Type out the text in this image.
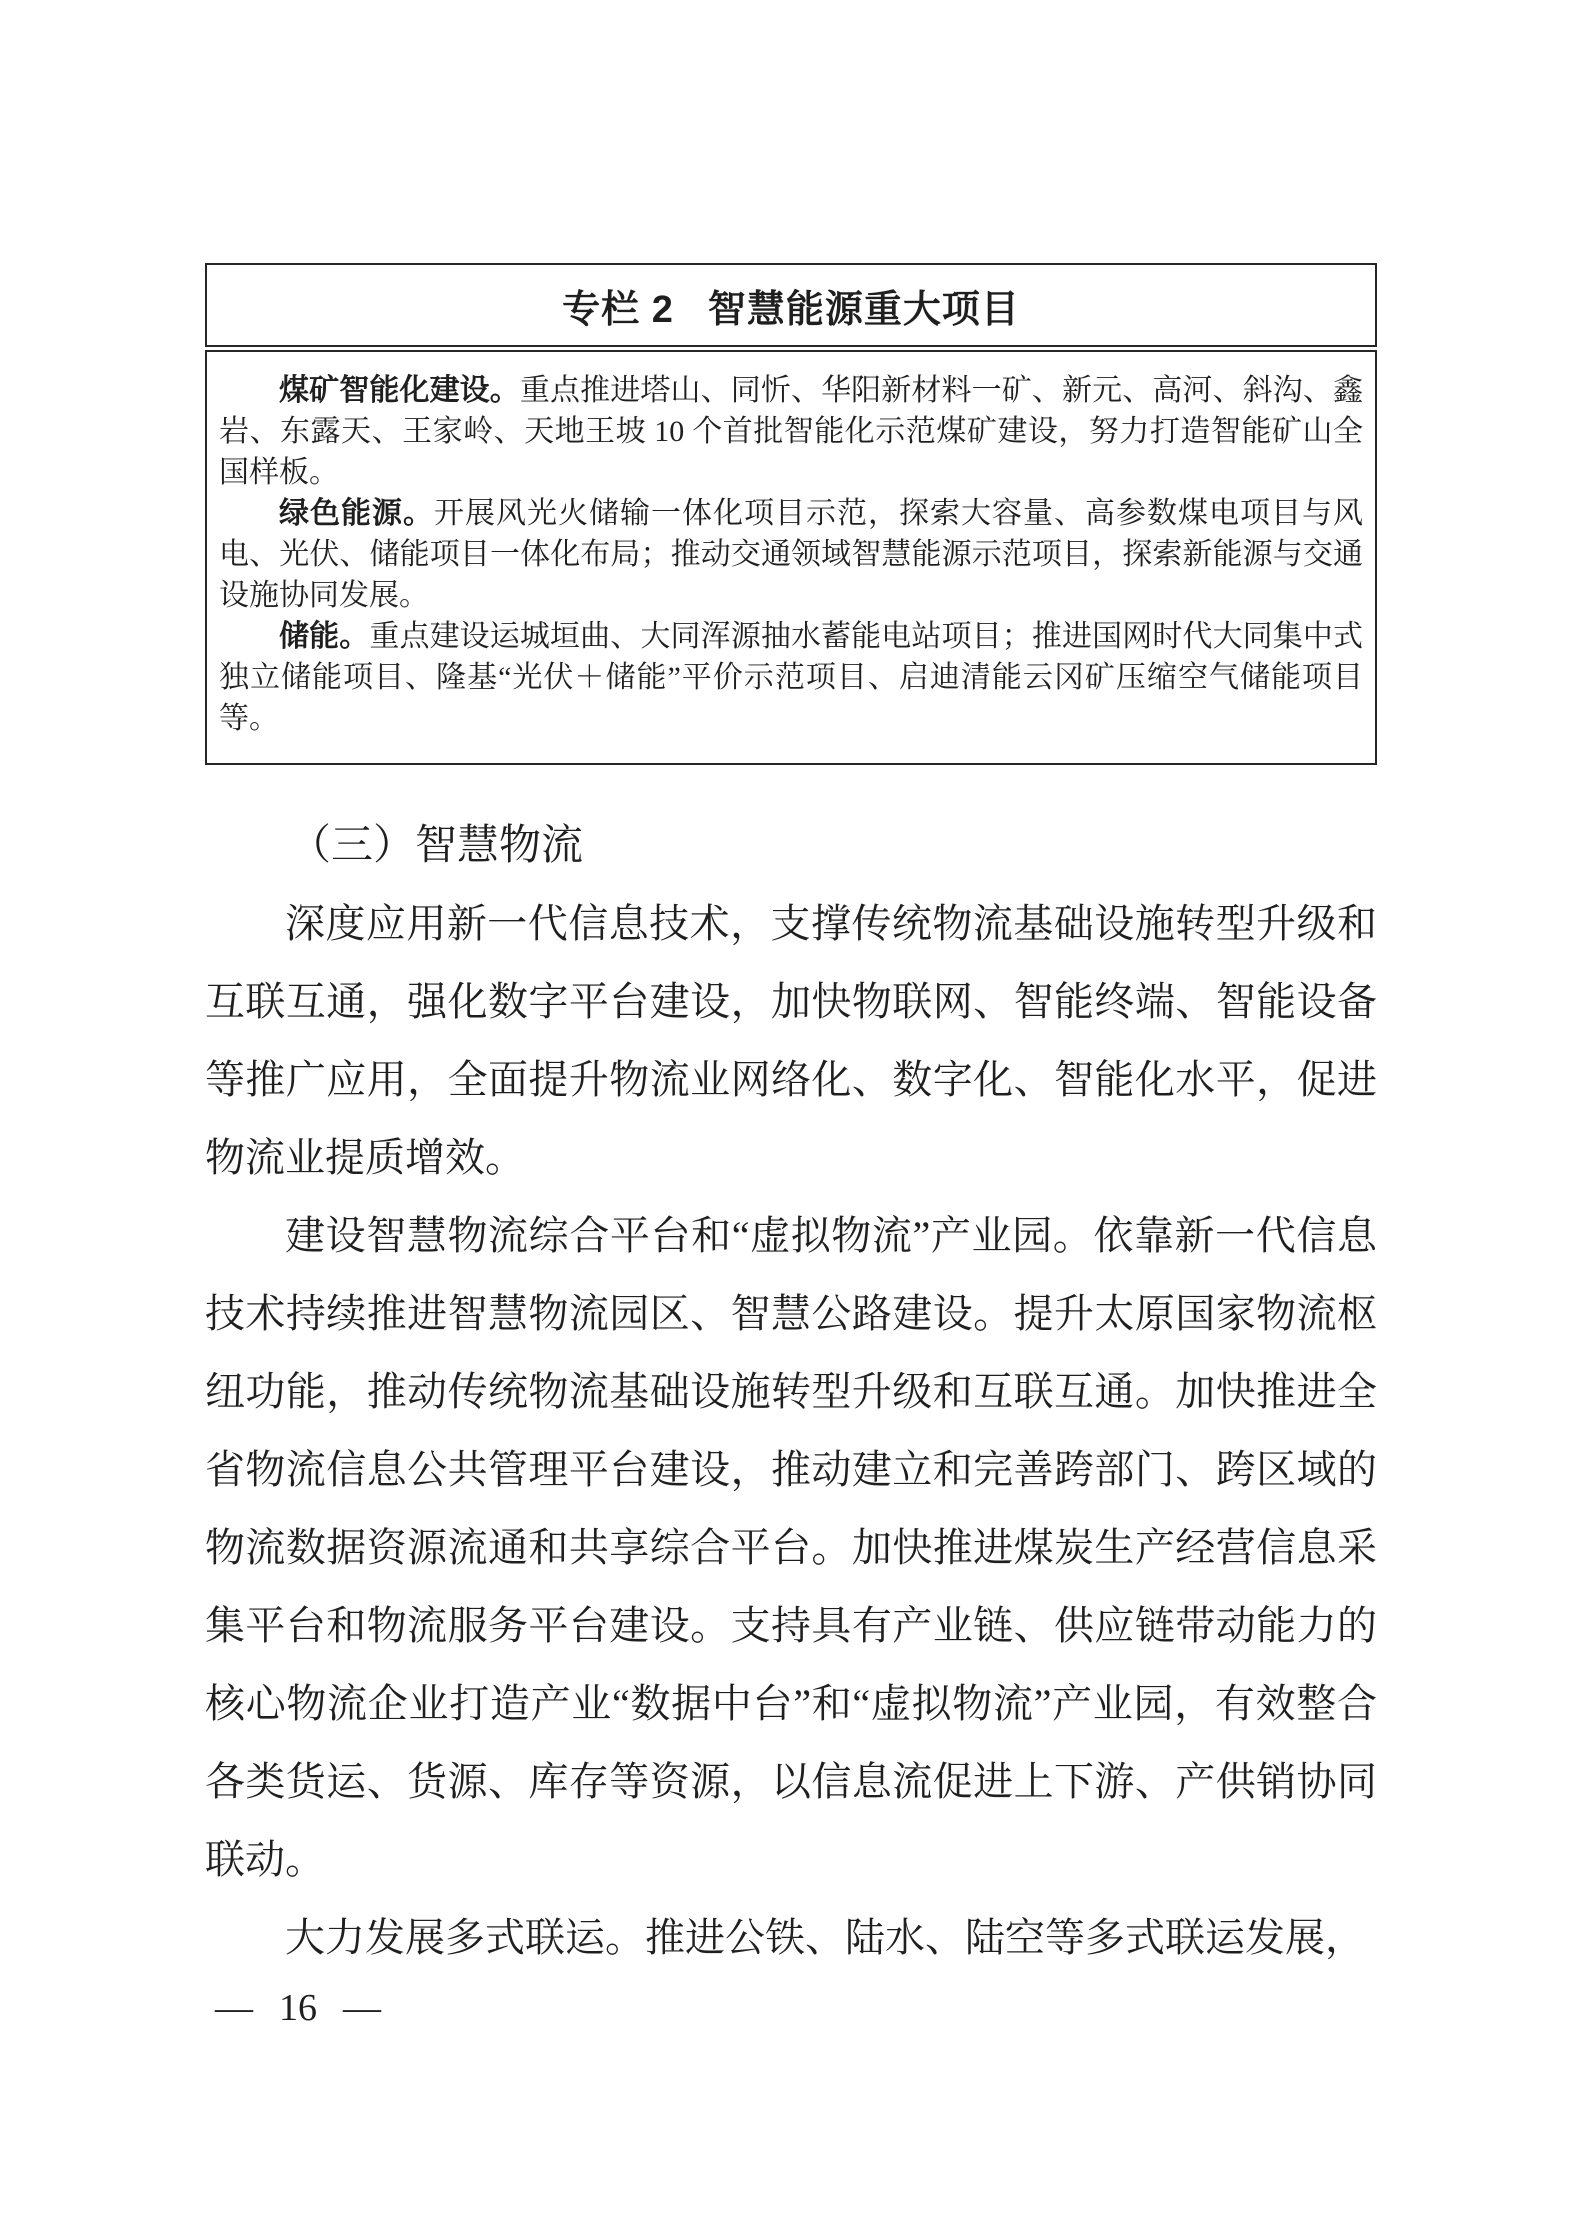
专栏 2 智慧能源重大项目

煤矿智能化建设。重点推进塔山、同忻、华阳新材料一矿、新元、高河、斜沟、鑫岩、东露天、王家岭、天地王坡 10 个首批智能化示范煤矿建设，努力打造智能矿山全国样板。

绿色能源。开展风光火储输一体化项目示范，探索大容量、高参数煤电项目与风电、光伏、储能项目一体化布局；推动交通领域智慧能源示范项目，探索新能源与交通设施协同发展。

储能。重点建设运城垣曲、大同浑源抽水蓄能电站项目；推进国网时代大同集中式独立储能项目、隆基“光伏＋储能”平价示范项目、启迪清能云冈矿压缩空气储能项目等。

（三）智慧物流

深度应用新一代信息技术，支撑传统物流基础设施转型升级和互联互通，强化数字平台建设，加快物联网、智能终端、智能设备等推广应用，全面提升物流业网络化、数字化、智能化水平，促进物流业提质增效。

建设智慧物流综合平台和“虚拟物流”产业园。依靠新一代信息技术持续推进智慧物流园区、智慧公路建设。提升太原国家物流枢纽功能，推动传统物流基础设施转型升级和互联互通。加快推进全省物流信息公共管理平台建设，推动建立和完善跨部门、跨区域的物流数据资源流通和共享综合平台。加快推进煤炭生产经营信息采集平台和物流服务平台建设。支持具有产业链、供应链带动能力的核心物流企业打造产业“数据中台”和“虚拟物流”产业园，有效整合各类货运、货源、库存等资源，以信息流促进上下游、产供销协同联动。

大力发展多式联运。推进公铁、陆水、陆空等多式联运发展，

— 16 —
